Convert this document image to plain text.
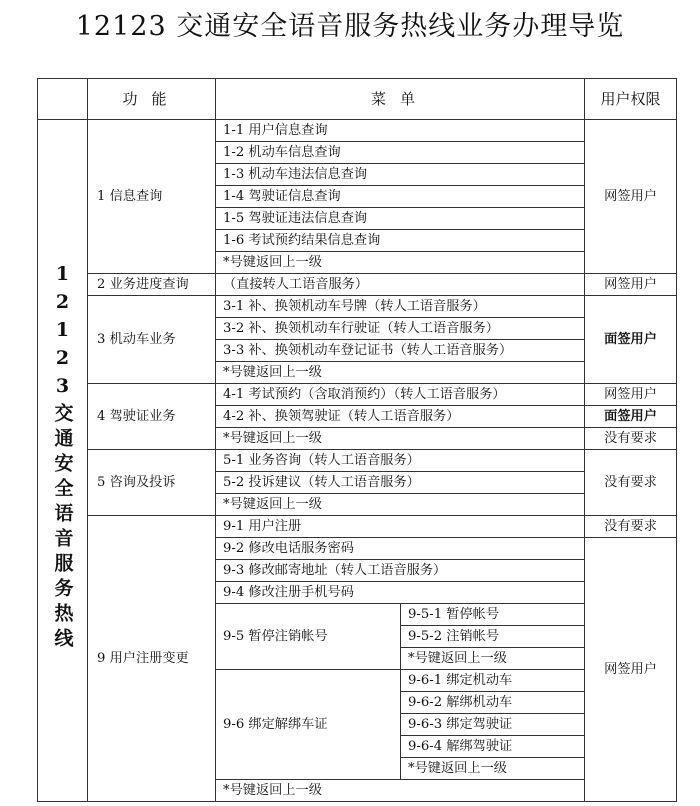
12123 交通安全语音服务热线业务办理导览
	功能	菜单		用户权限
12123交通安全语音服务热线	1 信息查询	1-1 用户信息查询		网签用户
		1-2 机动车信息查询		
		1-3 机动车违法信息查询		
		1-4 驾驶证信息查询		
		1-5 驾驶证违法信息查询		
		1-6 考试预约结果信息查询		
		*号键返回上一级		
	2 业务进度查询	（直接转人工语音服务）		网签用户
	3 机动车业务	3-1 补、换领机动车号牌（转人工语音服务）		面签用户
		3-2 补、换领机动车行驶证（转人工语音服务）		
		3-3 补、换领机动车登记证书（转人工语音服务）		
		*号键返回上一级		
	4 驾驶证业务	4-1 考试预约（含取消预约）（转人工语音服务）		网签用户
		4-2 补、换领驾驶证（转人工语音服务）		面签用户
		*号键返回上一级		没有要求
	5 咨询及投诉	5-1 业务咨询（转人工语音服务）		没有要求
		5-2 投诉建议（转人工语音服务）		
		*号键返回上一级		
	9 用户注册变更	9-1 用户注册		没有要求
		9-2 修改电话服务密码		网签用户
		9-3 修改邮寄地址（转人工语音服务）		
		9-4 修改注册手机号码		
		9-5 暂停注销帐号	9-5-1 暂停帐号	
			9-5-2 注销帐号	
			*号键返回上一级	
		9-6 绑定解绑车证	9-6-1 绑定机动车	
			9-6-2 解绑机动车	
			9-6-3 绑定驾驶证	
			9-6-4 解绑驾驶证	
			*号键返回上一级	
		*号键返回上一级		
